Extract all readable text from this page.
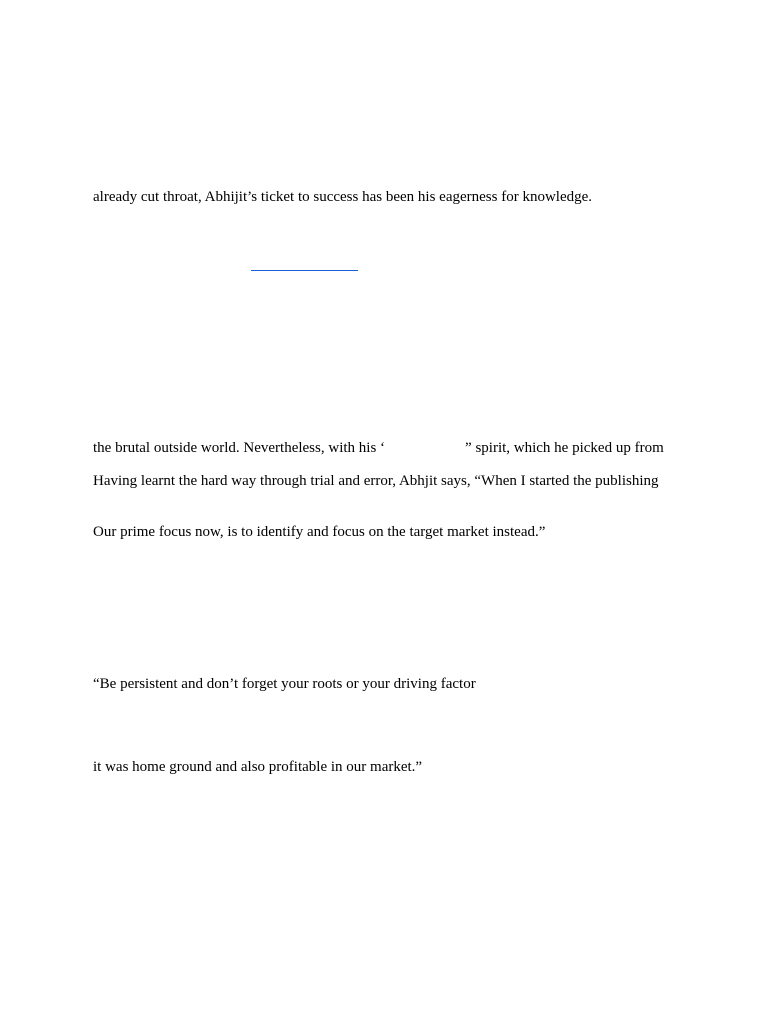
already cut throat, Abhijit’s ticket to success has been his eagerness for knowledge.
the brutal outside world. Nevertheless, with his ‘	” spirit, which he picked up from
Having learnt the hard way through trial and error, Abhjit says, “When I started the publishing
Our prime focus now, is to identify and focus on the target market instead.”
“Be persistent and don’t forget your roots or your driving factor
it was home ground and also profitable in our market.”
